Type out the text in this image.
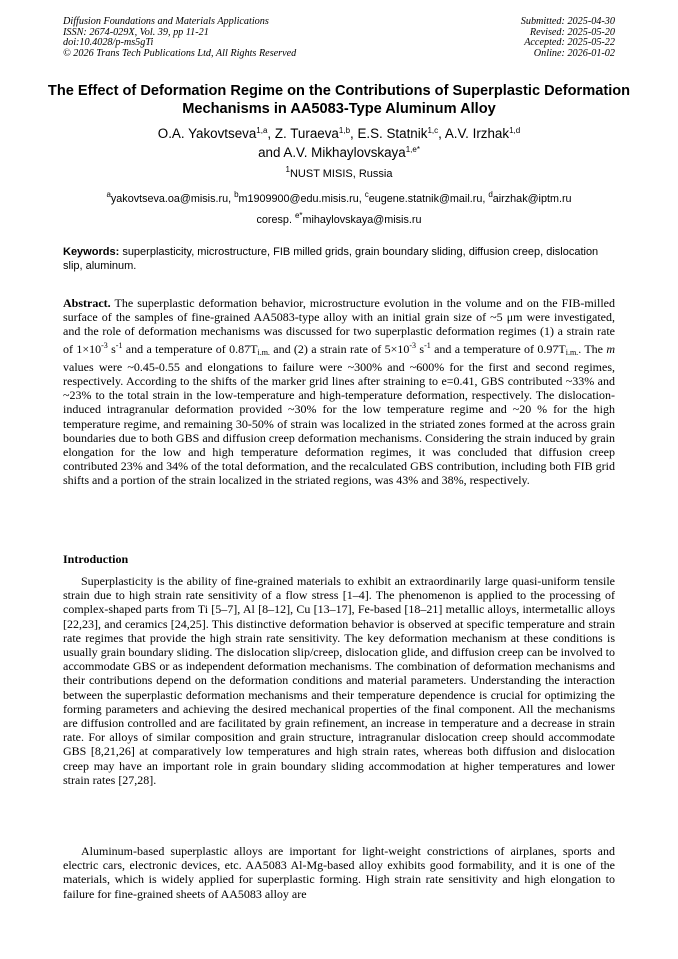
Diffusion Foundations and Materials Applications
ISSN: 2674-029X, Vol. 39, pp 11-21
doi:10.4028/p-ms5gTi
© 2026 Trans Tech Publications Ltd, All Rights Reserved
Submitted: 2025-04-30
Revised: 2025-05-20
Accepted: 2025-05-22
Online: 2026-01-02
The Effect of Deformation Regime on the Contributions of Superplastic Deformation Mechanisms in AA5083-Type Aluminum Alloy
O.A. Yakovtseva$^{1,a}$, Z. Turaeva$^{1,b}$, E.S. Statnik$^{1,c}$, A.V. Irzhak$^{1,d}$
and A.V. Mikhaylovskaya$^{1,e*}$
$^1$NUST MISIS, Russia
$^a$yakovtseva.oa@misis.ru, $^b$m1909900@edu.misis.ru, $^c$eugene.statnik@mail.ru, $^d$airzhak@iptm.ru
coresp. $^{e*}$mihaylovskaya@misis.ru
Keywords: superplasticity, microstructure, FIB milled grids, grain boundary sliding, diffusion creep, dislocation slip, aluminum.
Abstract. The superplastic deformation behavior, microstructure evolution in the volume and on the FIB-milled surface of the samples of fine-grained AA5083-type alloy with an initial grain size of ~5 μm were investigated, and the role of deformation mechanisms was discussed for two superplastic deformation regimes (1) a strain rate of $1\times 10^{-3}$ $s^{-1}$ and a temperature of 0.87Ti.m. and (2) a strain rate of $5\times 10^{-3}$ $s^{-1}$ and a temperature of 0.97Ti.m.. The m values were ~0.45-0.55 and elongations to failure were ~300% and ~600% for the first and second regimes, respectively. According to the shifts of the marker grid lines after straining to e=0.41, GBS contributed ~33% and ~23% to the total strain in the low-temperature and high-temperature deformation, respectively. The dislocation-induced intragranular deformation provided ~30% for the low temperature regime and ~20 % for the high temperature regime, and remaining 30-50% of strain was localized in the striated zones formed at the across grain boundaries due to both GBS and diffusion creep deformation mechanisms. Considering the strain induced by grain elongation for the low and high temperature deformation regimes, it was concluded that diffusion creep contributed 23% and 34% of the total deformation, and the recalculated GBS contribution, including both FIB grid shifts and a portion of the strain localized in the striated regions, was 43% and 38%, respectively.
Introduction
Superplasticity is the ability of fine-grained materials to exhibit an extraordinarily large quasi-uniform tensile strain due to high strain rate sensitivity of a flow stress [1–4]. The phenomenon is applied to the processing of complex-shaped parts from Ti [5–7], Al [8–12], Cu [13–17], Fe-based [18–21] metallic alloys, intermetallic alloys [22,23], and ceramics [24,25]. This distinctive deformation behavior is observed at specific temperature and strain rate regimes that provide the high strain rate sensitivity. The key deformation mechanism at these conditions is usually grain boundary sliding. The dislocation slip/creep, dislocation glide, and diffusion creep can be involved to accommodate GBS or as independent deformation mechanisms. The combination of deformation mechanisms and their contributions depend on the deformation conditions and material parameters. Understanding the interaction between the superplastic deformation mechanisms and their temperature dependence is crucial for optimizing the forming parameters and achieving the desired mechanical properties of the final component. All the mechanisms are diffusion controlled and are facilitated by grain refinement, an increase in temperature and a decrease in strain rate. For alloys of similar composition and grain structure, intragranular dislocation creep should accommodate GBS [8,21,26] at comparatively low temperatures and high strain rates, whereas both diffusion and dislocation creep may have an important role in grain boundary sliding accommodation at higher temperatures and lower strain rates [27,28].
Aluminum-based superplastic alloys are important for light-weight constrictions of airplanes, sports and electric cars, electronic devices, etc. AA5083 Al-Mg-based alloy exhibits good formability, and it is one of the materials, which is widely applied for superplastic forming. High strain rate sensitivity and high elongation to failure for fine-grained sheets of AA5083 alloy are
